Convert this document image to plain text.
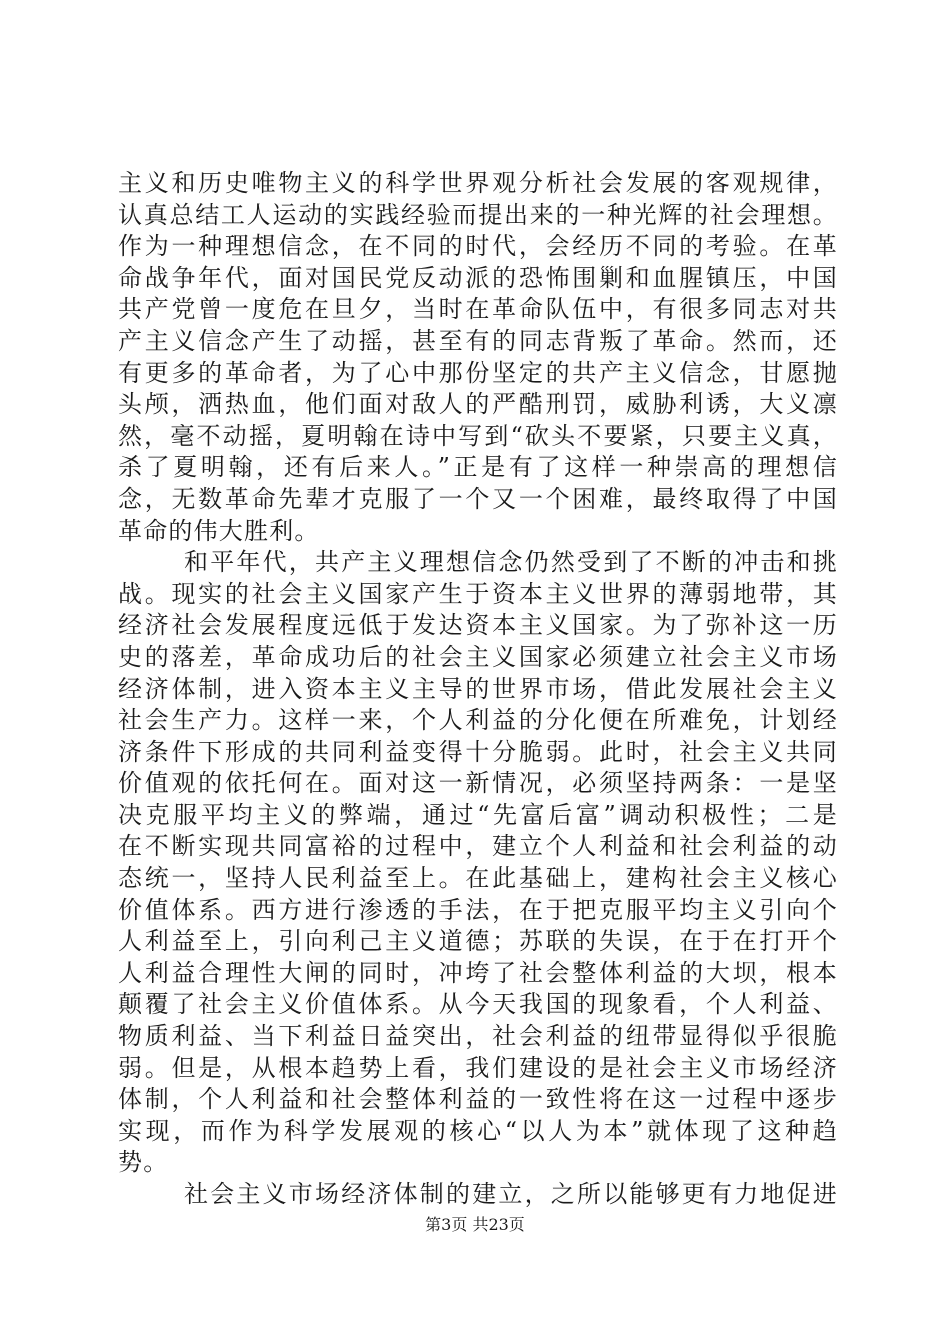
主义和历史唯物主义的科学世界观分析社会发展的客观规律，
认真总结工人运动的实践经验而提出来的一种光辉的社会理想。
作为一种理想信念，在不同的时代，会经历不同的考验。在革
命战争年代，面对国民党反动派的恐怖围剿和血腥镇压，中国
共产党曾一度危在旦夕，当时在革命队伍中，有很多同志对共
产主义信念产生了动摇，甚至有的同志背叛了革命。然而，还
有更多的革命者，为了心中那份坚定的共产主义信念，甘愿抛
头颅，洒热血，他们面对敌人的严酷刑罚，威胁利诱，大义凛
然，毫不动摇，夏明翰在诗中写到“砍头不要紧，只要主义真，
杀了夏明翰，还有后来人。”正是有了这样一种崇高的理想信
念，无数革命先辈才克服了一个又一个困难，最终取得了中国
革命的伟大胜利。
和平年代，共产主义理想信念仍然受到了不断的冲击和挑
战。现实的社会主义国家产生于资本主义世界的薄弱地带，其
经济社会发展程度远低于发达资本主义国家。为了弥补这一历
史的落差，革命成功后的社会主义国家必须建立社会主义市场
经济体制，进入资本主义主导的世界市场，借此发展社会主义
社会生产力。这样一来，个人利益的分化便在所难免，计划经
济条件下形成的共同利益变得十分脆弱。此时，社会主义共同
价值观的依托何在。面对这一新情况，必须坚持两条：一是坚
决克服平均主义的弊端，通过“先富后富”调动积极性；二是
在不断实现共同富裕的过程中，建立个人利益和社会利益的动
态统一，坚持人民利益至上。在此基础上，建构社会主义核心
价值体系。西方进行渗透的手法，在于把克服平均主义引向个
人利益至上，引向利己主义道德；苏联的失误，在于在打开个
人利益合理性大闸的同时，冲垮了社会整体利益的大坝，根本
颠覆了社会主义价值体系。从今天我国的现象看，个人利益、
物质利益、当下利益日益突出，社会利益的纽带显得似乎很脆
弱。但是，从根本趋势上看，我们建设的是社会主义市场经济
体制，个人利益和社会整体利益的一致性将在这一过程中逐步
实现，而作为科学发展观的核心“以人为本”就体现了这种趋
势。
社会主义市场经济体制的建立，之所以能够更有力地促进
第3页 共23页
